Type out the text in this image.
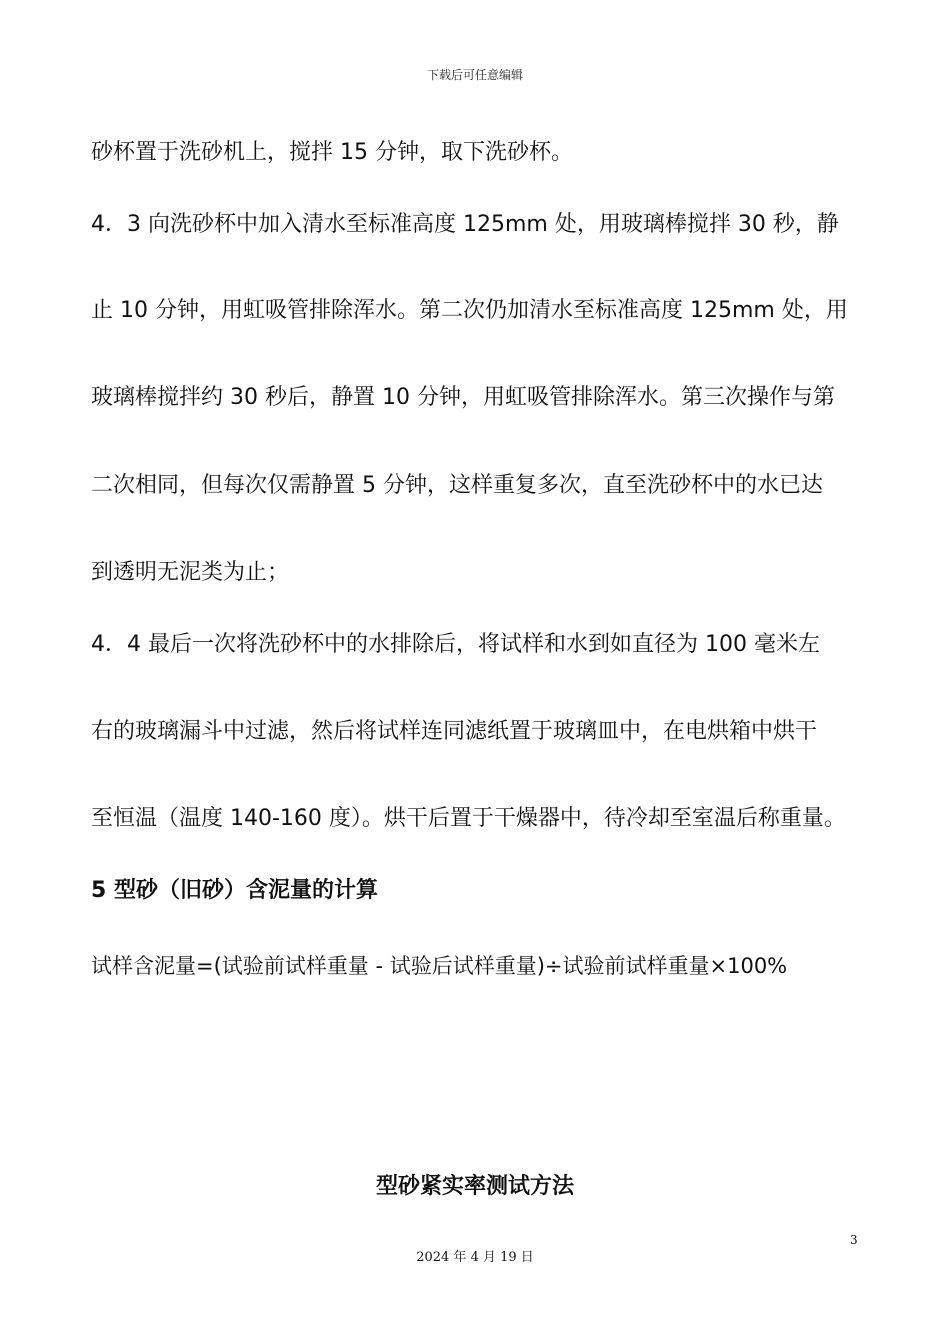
下载后可任意编辑
砂杯置于洗砂机上，搅拌 15 分钟，取下洗砂杯。
4．3 向洗砂杯中加入清水至标准高度 125mm 处，用玻璃棒搅拌 30 秒，静
止 10 分钟，用虹吸管排除浑水。第二次仍加清水至标准高度 125mm 处，用
玻璃棒搅拌约 30 秒后，静置 10 分钟，用虹吸管排除浑水。第三次操作与第
二次相同，但每次仅需静置 5 分钟，这样重复多次，直至洗砂杯中的水已达
到透明无泥类为止；
4．4 最后一次将洗砂杯中的水排除后，将试样和水到如直径为 100 毫米左
右的玻璃漏斗中过滤，然后将试样连同滤纸置于玻璃皿中，在电烘箱中烘干
至恒温（温度 140-160 度）。烘干后置于干燥器中，待冷却至室温后称重量。
5 型砂（旧砂）含泥量的计算
试样含泥量=(试验前试样重量 - 试验后试样重量)÷试验前试样重量×100%
型砂紧实率测试方法
3
2024 年 4 月 19 日
